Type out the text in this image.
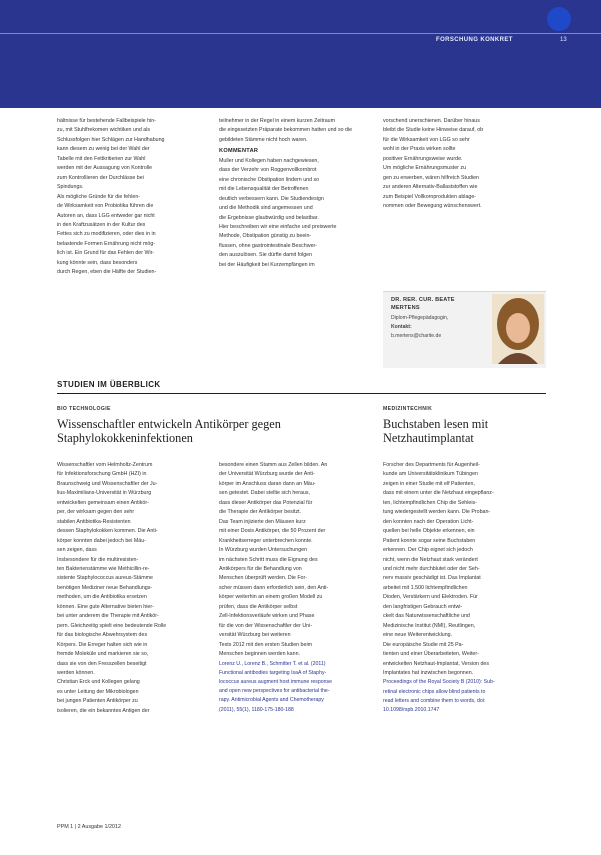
FORSCHUNG KONKRET	13
hältnisse für bestehende Fallbeispiele hin-
zu, mit Stuhlfrekomen wichtiken und als
Schlussfolgen hier Schlägen zur Handhabung
kann diesem zu wenig bei der Wahl der
Tabelle mit den Fettkritierien zur Wahl
werden mit der Aussagung von Kontrolle
zum Kontrollieren der Durchlässe bei
Spindungs.
Als mögliche Gründe für die fehlen-
de Wirksamkeit von Probiotika führen die
Autoren an, dass LGG entweder gar nicht
in den Kraftzusätzen in der Kultur des
Fettes sich zu modifizieren, oder dies in in
belastende Formen Ernährung nicht mög-
lich ist. Ein Grund für das Fehlen der Wir-
kung könnte sein, dass besonders
durch Regen, eben die Hälfte der Studien-
teilnehmer in der Regel in einem kurzen Zeitraum
die eingesetzten Präparate bekommen hatten und so die
gebildeten Stämme nicht hoch waren.
KOMMENTAR
Muller und Kollegen haben nachgewiesen,
dass der Verzehr von Roggenvollkornbrot
eine chronische Obstipation lindern und so
mit die Lebensqualität der Betroffenen
deutlich verbessern kann. Die Studiendesign
und die Methodik sind angemessen und
die Ergebnisse glaubwürdig und belastbar.
Hier beschreiben wir eine einfache und preiswerte
Methode, Obstipation günstig zu beein-
flussen, ohne gastrointestinale Beschwer-
den auszulösen. Sie dürfte damit folgen
bei der Häufigkeit bei Kurzempfängen im
vorschend unerschienen. Darüber hinaus
bleibt die Studie keine Hinweise darauf, ob
für die Wirksamkeit von LGG so sehr
wohl in der Praxis wirken sollte
positiver Ernährungsweise wurde.
Um mögliche Ernährungsmuster zu
gen zu erwerben, wären hilfreich Studien
zur anderen Alternativ-Ballaststoffen wie
zum Beispiel Vollkornprodukten ablage-
nommen oder Bewegung wünschenswert.
DR. RER. CUR. BEATE
MERTENS
Diplom-Pflegepädagogin,
Kontakt:
b.mertens@charite.de
STUDIEN IM ÜBERBLICK
BIO TECHNOLOGIE
Wissenschaftler entwickeln Antikörper gegen
Staphylokokkeninfektionen
Wissenschaftler vom Helmholtz-Zentrum
für Infektionsforschung GmbH (HZI) in
Braunschweig und Wissenschaftler der Ju-
lius-Maximilians-Universität in Würzburg
entwickelten gemeinsam einen Antikör-
per, der wirksam gegen den sehr
stabilen Antibiotika-Resistenten
dessen Staphylokokken kommen. Die Anti-
körper konnten dabei jedoch bei Mäu-
sen zeigen, dass
Insbesondere für die multiresisten-
ten Bakterienstämme wie Methicillin-re-
sistente Staphylococcus aureus-Stämme
benötigen Mediziner neue Behandlungs-
methoden, um die Antibiotika ersetzen
können. Eine gute Alternative bieten hier-
bei unter anderem die Therapie mit Antikör-
pern. Gleichzeitig spielt eine bedeutende Rolle
für das biologische Abwehrsystem des
Körpers. Die Erreger halten sich wie in
fremde Moleküle und markieren sie so,
dass sie von den Fresszellen beseitigt
werden können.
Christian Erck und Kollegen gelang
es unter Leitung der Mikrobiologen
bei jungen Patienten Antikörper zu
isolieren, die ein bekanntes Antigen der
besondere einen Stamm aus Zellen bilden. An
der Universität Würzburg wurde der Anti-
körper im Anschluss daran dann an Mäu-
sen getestet. Dabei stellte sich heraus,
dass dieser Antikörper das Potenzial für
die Therapie der Antikörper besitzt.
Das Team injizierte den Mäusen kurz
mit einer Dosis Antikörper, die 50 Prozent der
Krankheitserreger unterbrechen konnte.
In Würzburg wurden Untersuchungen
im nächsten Schritt muss die Eignung des
Antikörpers für die Behandlung von
Menschen überprüft werden. Die For-
scher müssen dann erforderlich sein, den Anti-
körper weiterhin an einem großen Modell zu
prüfen, dass die Antikörper selbst
Zell-Infektionsverläufe wirken und Phase
für die von der Wissenschaftler der Uni-
versität Würzburg bei weiteren
Tests 2012 mit den ersten Studien beim
Menschen beginnen werden kann.
Lorenz U., Lorenz B., Schmitter T. et al. (2011)
Functional antibodies targeting IsaA of Staphy-
lococcus aureus augment host immune response
and open new perspectives for antibacterial the-
rapy. Antimicrobial Agents and Chemotherapy
(2011), 55(1), 1180-175-180-188
MEDIZINTECHNIK
Buchstaben lesen mit
Netzhautimplantat
Forscher des Departments für Augenheil-
kunde am Universitätsklinikum Tübingen
zeigen in einer Studie mit elf Patienten,
dass mit einem unter die Netzhaut eingepflanz-
ten, lichtempfindlichen Chip die Sehleis-
tung wiedergestellt werden kann. Die Proban-
den konnten nach der Operation Licht-
quellen bei helle Objekte erkennen, ein
Patient konnte sogar seine Buchstaben
erkennen. Der Chip eignet sich jedoch
nicht, wenn die Netzhaut stark verändert
und nicht mehr durchblutet oder der Seh-
nerv massiv geschädigt ist. Das Implantat
arbeitet mit 1.500 lichtempfindlichen
Dioden, Verstärkern und Elektroden. Für
den langfristigen Gebrauch entwi-
ckelt das Naturwissenschaftliche und
Medizinische Institut (NMI), Reutlingen,
eine neue Weiterentwicklung.
Die europäische Studie mit 25 Pa-
tienten und einer Überarbeiteten, Weiter-
entwickelten Netzhaut-Implantat, Version des
Implantates hat inzwischen begonnen.
Proceedings of the Royal Society B (2010): Sub-
retinal electronic chips allow blind patients to
read letters and combine them to words, doi:
10.1098/rspb.2010.1747
PPM 1 | 2 Ausgabe 1/2012
